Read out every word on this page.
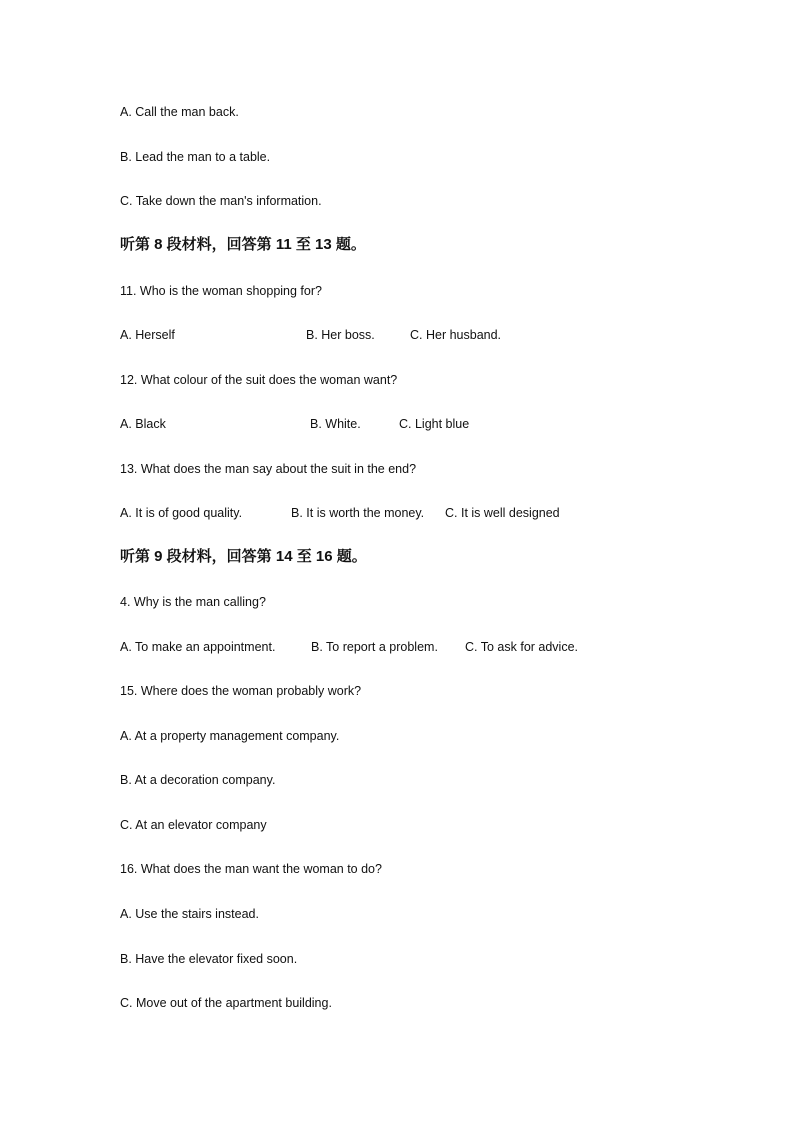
A. Call the man back.
B. Lead the man to a table.
C. Take down the man's information.
听第 8 段材料，回答第 11 至 13 题。
11. Who is the woman shopping for?
A. Herself	B. Her boss.	C. Her husband.
12. What colour of the suit does the woman want?
A. Black	B. White.	C. Light blue
13. What does the man say about the suit in the end?
A. It is of good quality.	B. It is worth the money. C. It is well designed
听第 9 段材料，回答第 14 至 16 题。
4. Why is the man calling?
A. To make an appointment.	B. To report a problem. C. To ask for advice.
15. Where does the woman probably work?
A. At a property management company.
B. At a decoration company.
C. At an elevator company
16. What does the man want the woman to do?
A. Use the stairs instead.
B. Have the elevator fixed soon.
C. Move out of the apartment building.
